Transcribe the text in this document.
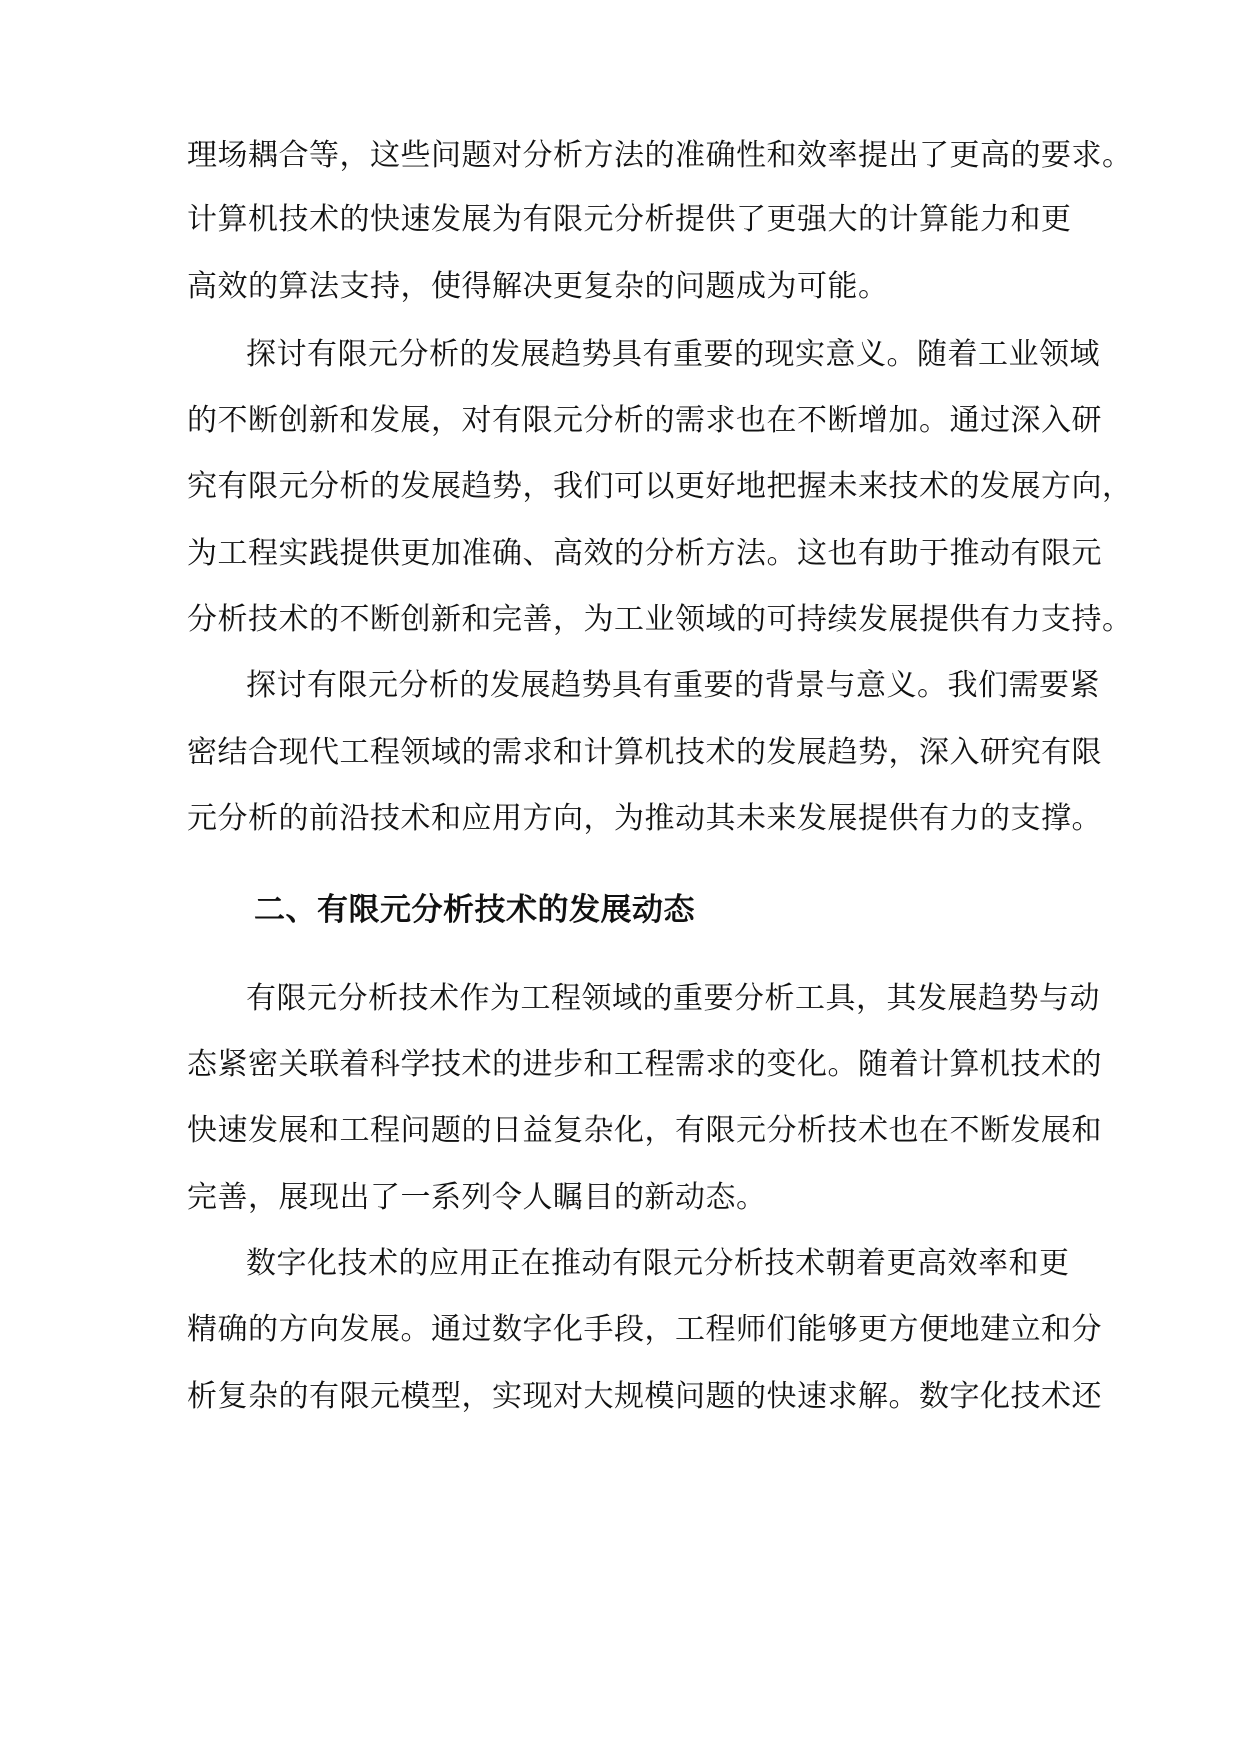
理场耦合等，这些问题对分析方法的准确性和效率提出了更高的要求。
计算机技术的快速发展为有限元分析提供了更强大的计算能力和更
高效的算法支持，使得解决更复杂的问题成为可能。
探讨有限元分析的发展趋势具有重要的现实意义。随着工业领域
的不断创新和发展，对有限元分析的需求也在不断增加。通过深入研
究有限元分析的发展趋势，我们可以更好地把握未来技术的发展方向，
为工程实践提供更加准确、高效的分析方法。这也有助于推动有限元
分析技术的不断创新和完善，为工业领域的可持续发展提供有力支持。
探讨有限元分析的发展趋势具有重要的背景与意义。我们需要紧
密结合现代工程领域的需求和计算机技术的发展趋势，深入研究有限
元分析的前沿技术和应用方向，为推动其未来发展提供有力的支撑。
二、有限元分析技术的发展动态
有限元分析技术作为工程领域的重要分析工具，其发展趋势与动
态紧密关联着科学技术的进步和工程需求的变化。随着计算机技术的
快速发展和工程问题的日益复杂化，有限元分析技术也在不断发展和
完善，展现出了一系列令人瞩目的新动态。
数字化技术的应用正在推动有限元分析技术朝着更高效率和更
精确的方向发展。通过数字化手段，工程师们能够更方便地建立和分
析复杂的有限元模型，实现对大规模问题的快速求解。数字化技术还
